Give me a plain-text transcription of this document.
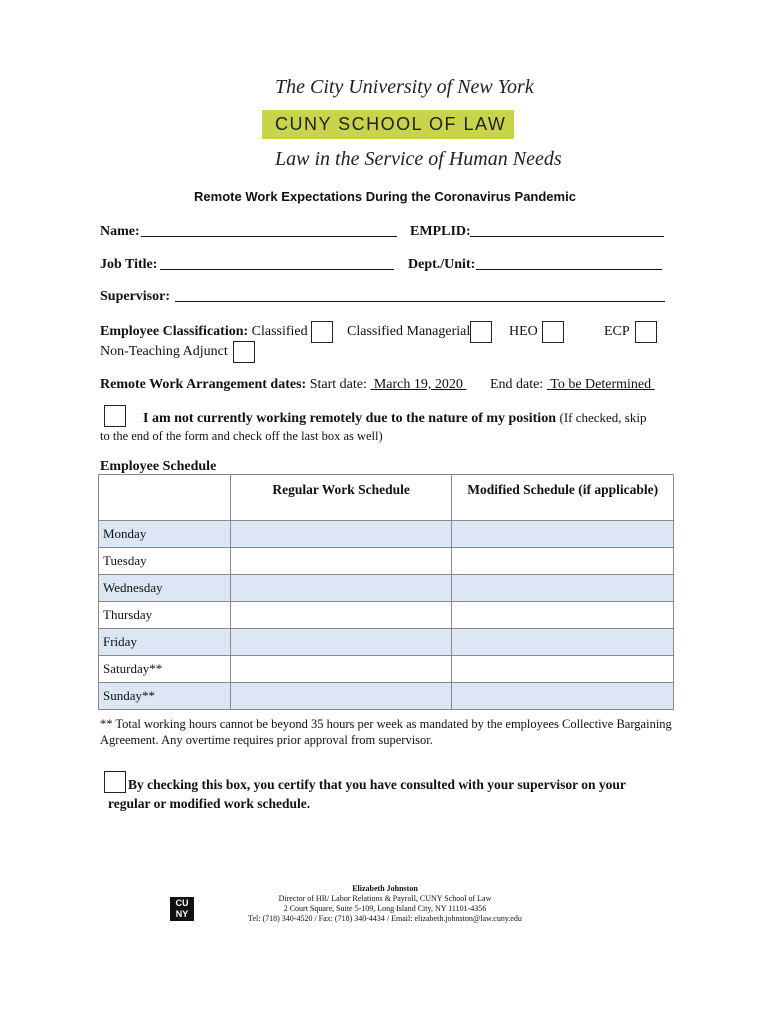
The City University of New York
CUNY SCHOOL OF LAW
Law in the Service of Human Needs
Remote Work Expectations During the Coronavirus Pandemic
Name:	EMPLID:
Job Title:	Dept./Unit:
Supervisor:
Employee Classification: Classified	Classified Managerial	HEO	ECP
Non-Teaching Adjunct
Remote Work Arrangement dates: Start date: March 19, 2020 End date: To be Determined
I am not currently working remotely due to the nature of my position (If checked, skip
to the end of the form and check off the last box as well)
Employee Schedule
	Regular Work Schedule	Modified Schedule (if applicable)
Monday		
Tuesday		
Wednesday		
Thursday		
Friday		
Saturday**		
Sunday**		
** Total working hours cannot be beyond 35 hours per week as mandated by the employees Collective Bargaining Agreement. Any overtime requires prior approval from supervisor.
By checking this box, you certify that you have consulted with your supervisor on your regular or modified work schedule.
CU NY
Elizabeth Johnston
Director of HR/ Labor Relations & Payroll, CUNY School of Law
2 Court Square, Suite 5-109, Long Island City, NY 11101-4356
Tel: (718) 340-4520 / Fax: (718) 340-4434 / Email: elizabeth.johnston@law.cuny.edu
